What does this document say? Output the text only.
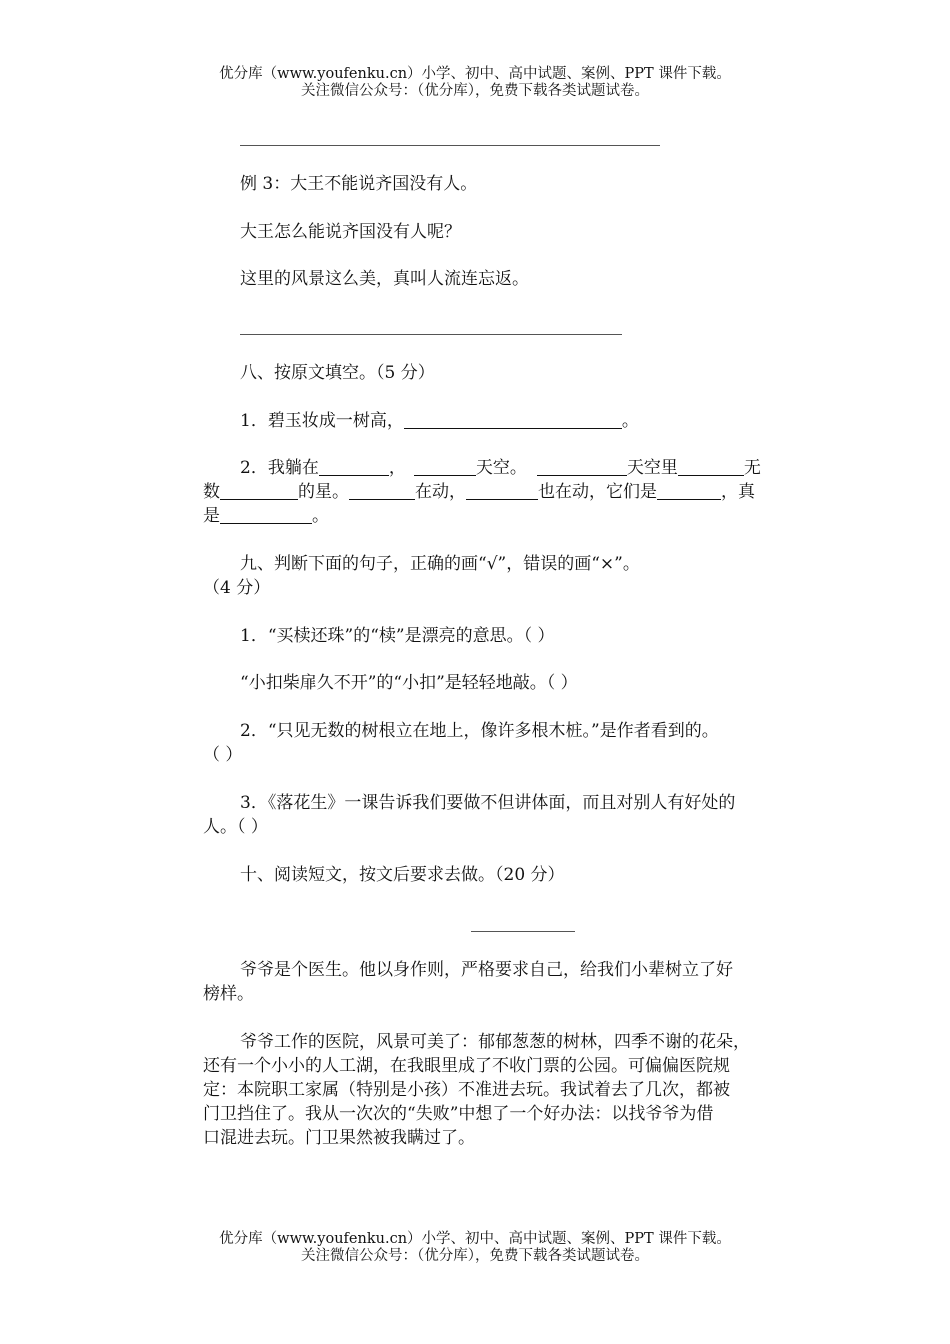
优分库（www.youfenku.cn）小学、初中、高中试题、案例、PPT 课件下载。
关注微信公众号：（优分库），免费下载各类试题试卷。
例 3：大王不能说齐国没有人。
大王怎么能说齐国没有人呢？
这里的风景这么美，真叫人流连忘返。
八、按原文填空。（5 分）
1．碧玉妆成一树高，	。
2．我躺在	，	天空。	天空里	无
数	的星。	在动，	也在动，它们是	，真
是	。
九、判断下面的句子，正确的画“√”，错误的画“×”。
（4 分）
1．“买椟还珠”的“椟”是漂亮的意思。（ ）
“小扣柴扉久不开”的“小扣”是轻轻地敲。（ ）
2．“只见无数的树根立在地上，像许多根木桩。”是作者看到的。
（ ）
3．《落花生》一课告诉我们要做不但讲体面，而且对别人有好处的
人。（ ）
十、阅读短文，按文后要求去做。（20 分）
爷爷是个医生。他以身作则，严格要求自己，给我们小辈树立了好
榜样。
爷爷工作的医院，风景可美了：郁郁葱葱的树林，四季不谢的花朵，
还有一个小小的人工湖，在我眼里成了不收门票的公园。可偏偏医院规
定：本院职工家属（特别是小孩）不准进去玩。我试着去了几次，都被
门卫挡住了。我从一次次的“失败”中想了一个好办法：以找爷爷为借
口混进去玩。门卫果然被我瞒过了。
优分库（www.youfenku.cn）小学、初中、高中试题、案例、PPT 课件下载。
关注微信公众号：（优分库），免费下载各类试题试卷。
